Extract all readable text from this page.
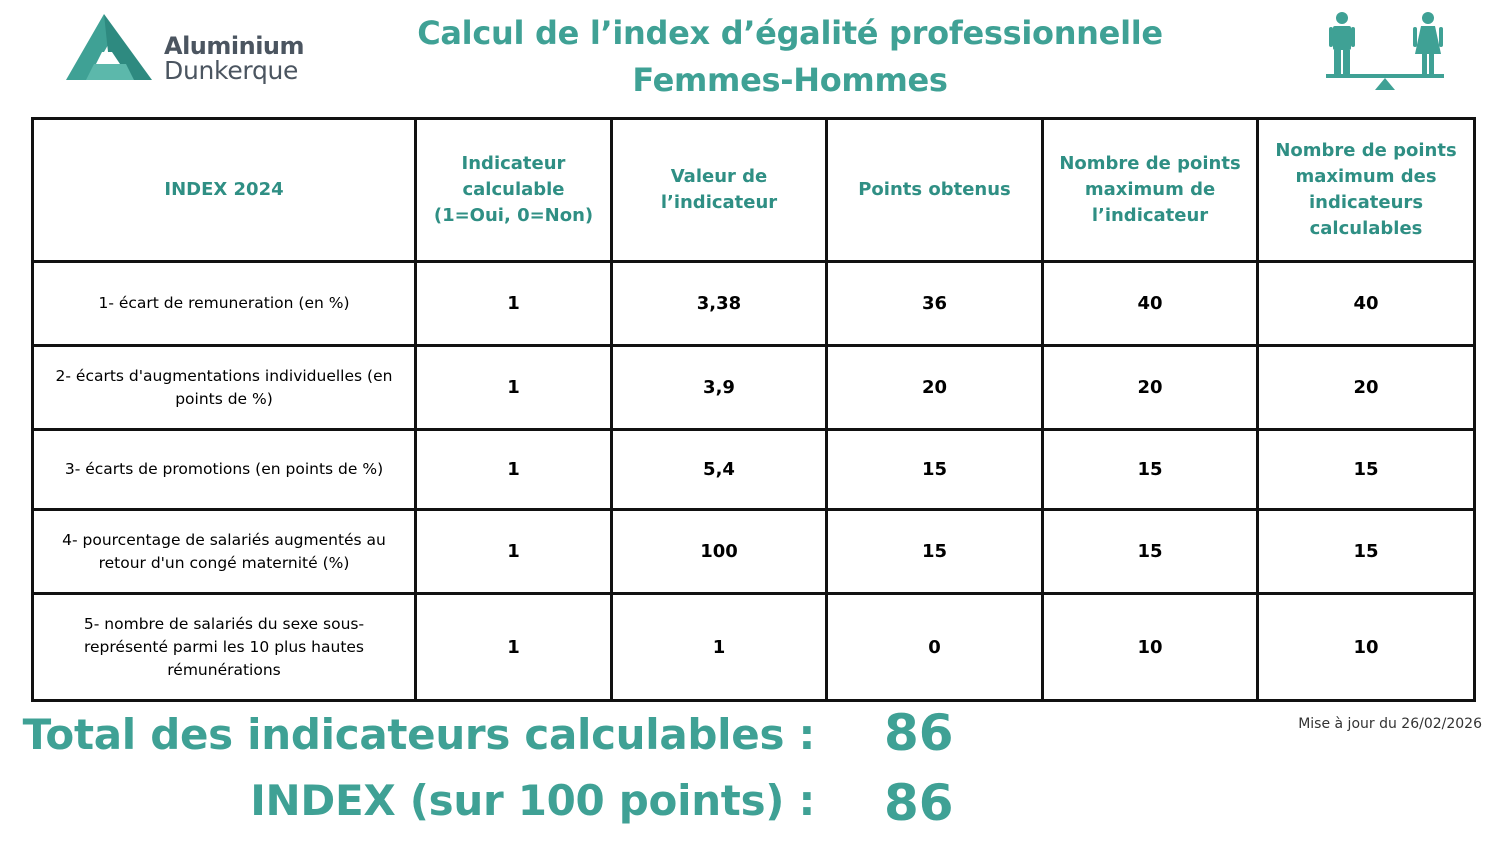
Aluminium
Dunkerque
Calcul de l’index d’égalité professionnelle
Femmes-Hommes
INDEX 2024	Indicateur calculable (1=Oui, 0=Non)	Valeur de l’indicateur	Points obtenus	Nombre de points maximum de l’indicateur	Nombre de points maximum des indicateurs calculables
1- écart de remuneration (en %)	1	3,38	36	40	40
2- écarts d'augmentations individuelles (en points de %)	1	3,9	20	20	20
3- écarts de promotions (en points de %)	1	5,4	15	15	15
4- pourcentage de salariés augmentés au retour d'un congé maternité (%)	1	100	15	15	15
5- nombre de salariés du sexe sous-représenté parmi les 10 plus hautes rémunérations	1	1	0	10	10
Total des indicateurs calculables : 86
INDEX (sur 100 points) : 86
Mise à jour du 26/02/2026
